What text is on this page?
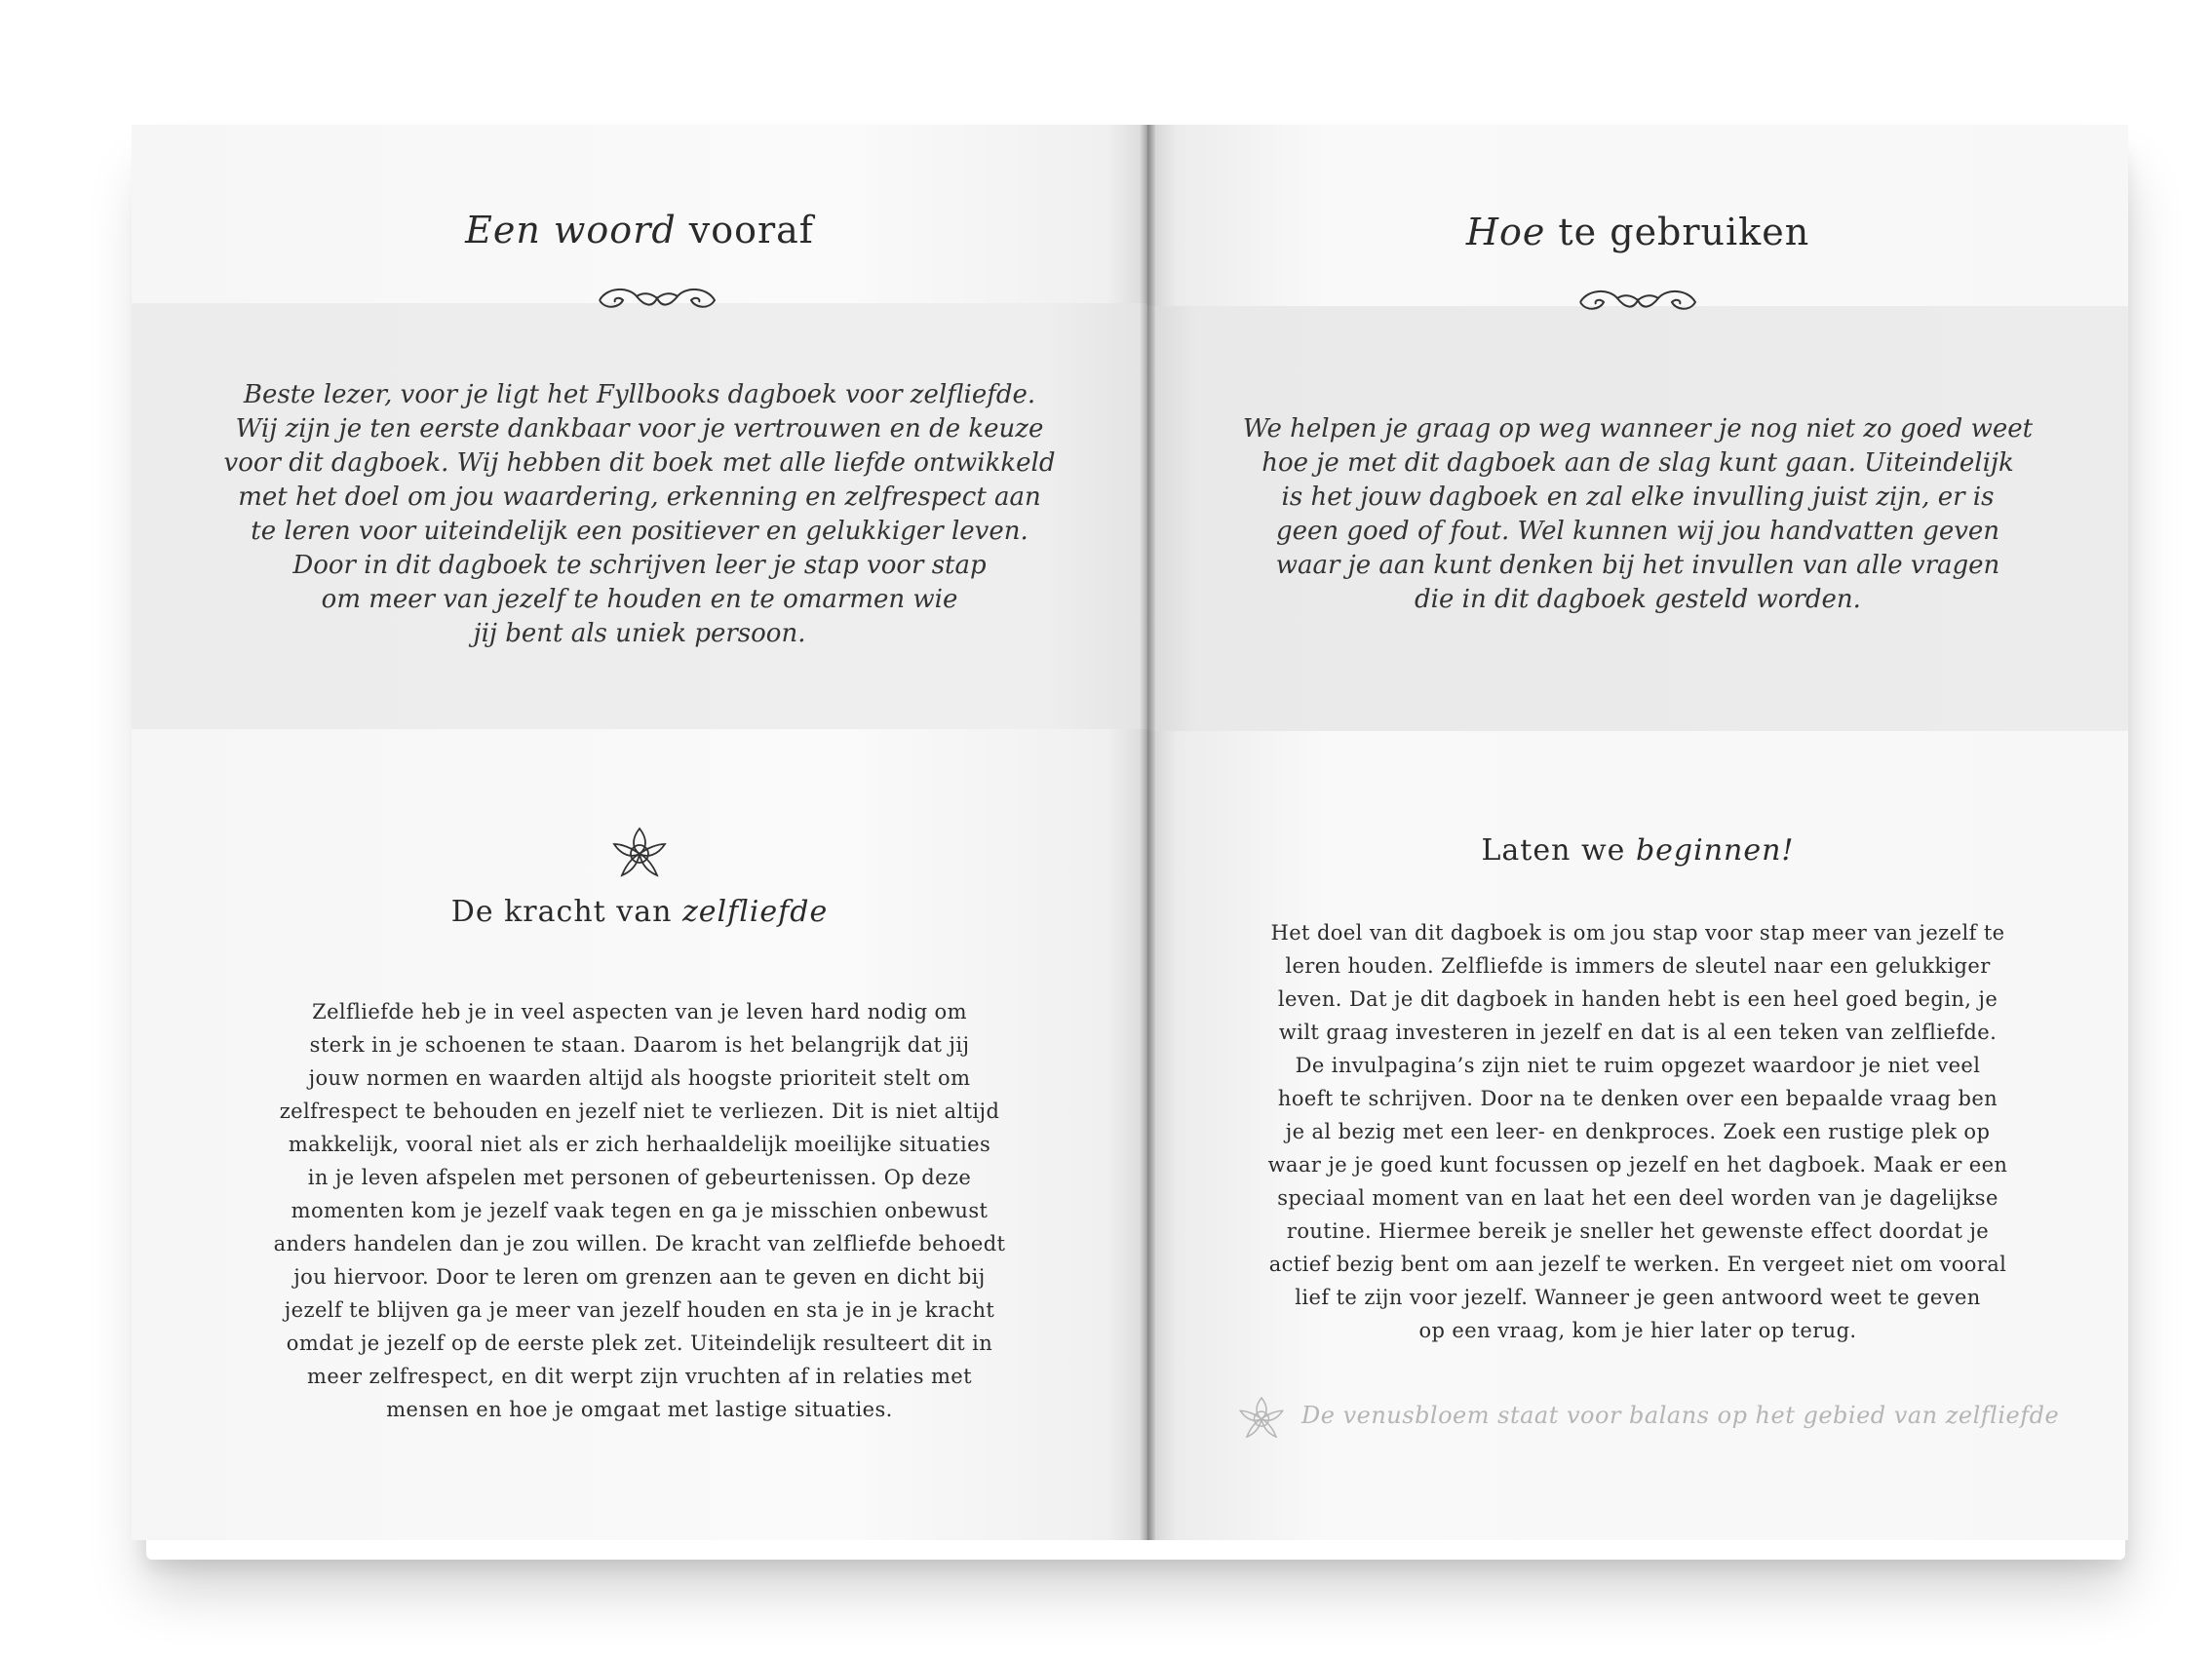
Een woord vooraf
Beste lezer, voor je ligt het Fyllbooks dagboek voor zelfliefde.
Wij zijn je ten eerste dankbaar voor je vertrouwen en de keuze
voor dit dagboek. Wij hebben dit boek met alle liefde ontwikkeld
met het doel om jou waardering, erkenning en zelfrespect aan
te leren voor uiteindelijk een positiever en gelukkiger leven.
Door in dit dagboek te schrijven leer je stap voor stap
om meer van jezelf te houden en te omarmen wie
jij bent als uniek persoon.
De kracht van zelfliefde
Zelfliefde heb je in veel aspecten van je leven hard nodig om
sterk in je schoenen te staan. Daarom is het belangrijk dat jij
jouw normen en waarden altijd als hoogste prioriteit stelt om
zelfrespect te behouden en jezelf niet te verliezen. Dit is niet altijd
makkelijk, vooral niet als er zich herhaaldelijk moeilijke situaties
in je leven afspelen met personen of gebeurtenissen. Op deze
momenten kom je jezelf vaak tegen en ga je misschien onbewust
anders handelen dan je zou willen. De kracht van zelfliefde behoedt
jou hiervoor. Door te leren om grenzen aan te geven en dicht bij
jezelf te blijven ga je meer van jezelf houden en sta je in je kracht
omdat je jezelf op de eerste plek zet. Uiteindelijk resulteert dit in
meer zelfrespect, en dit werpt zijn vruchten af in relaties met
mensen en hoe je omgaat met lastige situaties.
Hoe te gebruiken
We helpen je graag op weg wanneer je nog niet zo goed weet
hoe je met dit dagboek aan de slag kunt gaan. Uiteindelijk
is het jouw dagboek en zal elke invulling juist zijn, er is
geen goed of fout. Wel kunnen wij jou handvatten geven
waar je aan kunt denken bij het invullen van alle vragen
die in dit dagboek gesteld worden.
Laten we beginnen!
Het doel van dit dagboek is om jou stap voor stap meer van jezelf te
leren houden. Zelfliefde is immers de sleutel naar een gelukkiger
leven. Dat je dit dagboek in handen hebt is een heel goed begin, je
wilt graag investeren in jezelf en dat is al een teken van zelfliefde.
De invulpagina’s zijn niet te ruim opgezet waardoor je niet veel
hoeft te schrijven. Door na te denken over een bepaalde vraag ben
je al bezig met een leer- en denkproces. Zoek een rustige plek op
waar je je goed kunt focussen op jezelf en het dagboek. Maak er een
speciaal moment van en laat het een deel worden van je dagelijkse
routine. Hiermee bereik je sneller het gewenste effect doordat je
actief bezig bent om aan jezelf te werken. En vergeet niet om vooral
lief te zijn voor jezelf. Wanneer je geen antwoord weet te geven
op een vraag, kom je hier later op terug.
De venusbloem staat voor balans op het gebied van zelfliefde
